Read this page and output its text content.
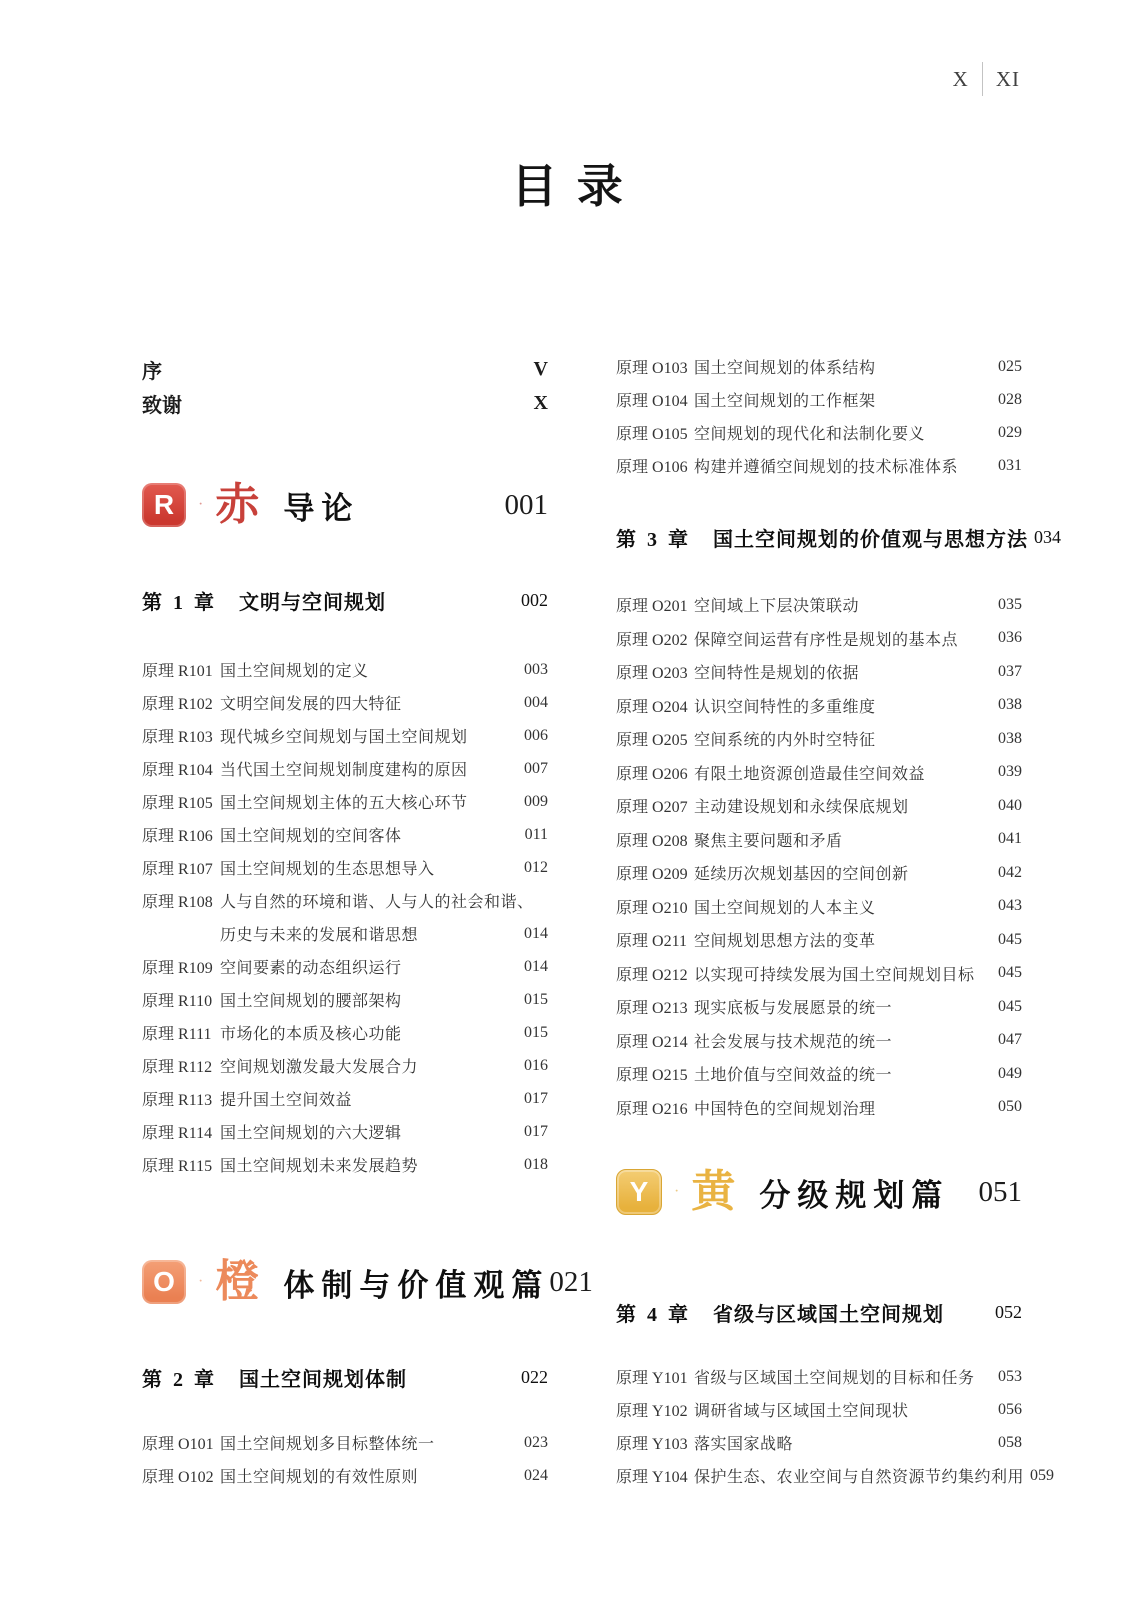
X XI
目 录
序	V
致谢	X
R	· 赤 导论	001
第 1 章 文明与空间规划	002
原理 R101 国土空间规划的定义	003
原理 R102 文明空间发展的四大特征	004
原理 R103 现代城乡空间规划与国土空间规划	006
原理 R104 当代国土空间规划制度建构的原因	007
原理 R105 国土空间规划主体的五大核心环节	009
原理 R106 国土空间规划的空间客体	011
原理 R107 国土空间规划的生态思想导入	012
原理 R108 人与自然的环境和谐、人与人的社会和谐、
历史与未来的发展和谐思想	014
原理 R109 空间要素的动态组织运行	014
原理 R110 国土空间规划的腰部架构	015
原理 R111 市场化的本质及核心功能	015
原理 R112 空间规划激发最大发展合力	016
原理 R113 提升国土空间效益	017
原理 R114 国土空间规划的六大逻辑	017
原理 R115 国土空间规划未来发展趋势	018
O	· 橙 体制与价值观篇 021
第 2 章 国土空间规划体制	022
原理 O101 国土空间规划多目标整体统一	023
原理 O102 国土空间规划的有效性原则	024
原理 O103 国土空间规划的体系结构	025
原理 O104 国土空间规划的工作框架	028
原理 O105 空间规划的现代化和法制化要义	029
原理 O106 构建并遵循空间规划的技术标准体系	031
第 3 章 国土空间规划的价值观与思想方法 034
原理 O201 空间域上下层决策联动	035
原理 O202 保障空间运营有序性是规划的基本点	036
原理 O203 空间特性是规划的依据	037
原理 O204 认识空间特性的多重维度	038
原理 O205 空间系统的内外时空特征	038
原理 O206 有限土地资源创造最佳空间效益	039
原理 O207 主动建设规划和永续保底规划	040
原理 O208 聚焦主要问题和矛盾	041
原理 O209 延续历次规划基因的空间创新	042
原理 O210 国土空间规划的人本主义	043
原理 O211 空间规划思想方法的变革	045
原理 O212 以实现可持续发展为国土空间规划目标	045
原理 O213 现实底板与发展愿景的统一	045
原理 O214 社会发展与技术规范的统一	047
原理 O215 土地价值与空间效益的统一	049
原理 O216 中国特色的空间规划治理	050
Y	· 黄 分级规划篇 051
第 4 章 省级与区域国土空间规划	052
原理 Y101 省级与区域国土空间规划的目标和任务	053
原理 Y102 调研省域与区域国土空间现状	056
原理 Y103 落实国家战略	058
原理 Y104 保护生态、农业空间与自然资源节约集约利用 059
